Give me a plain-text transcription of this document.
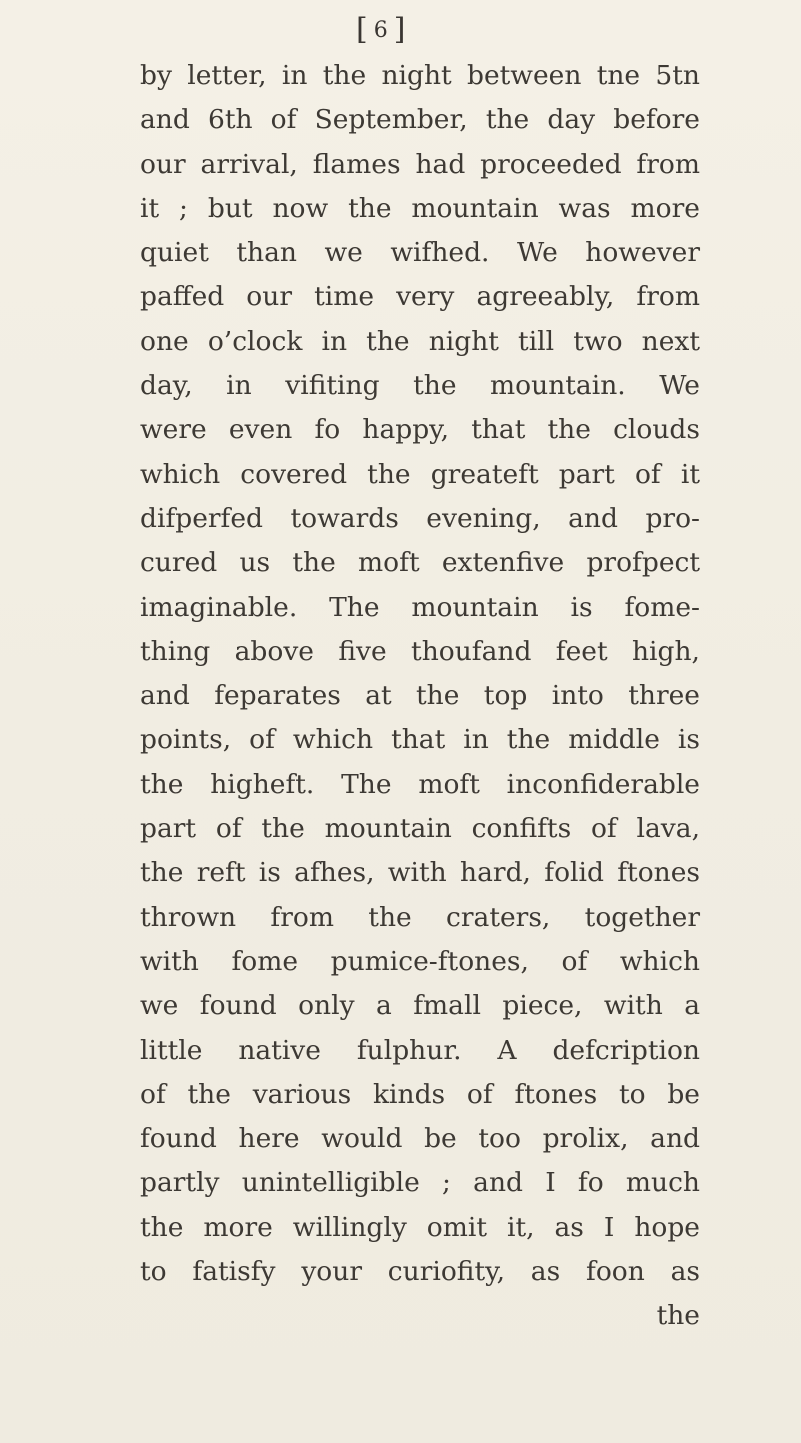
[6]
by letter, in the night between tne 5tn
and 6th of September, the day before
our arrival, flames had proceeded from
it ; but now the mountain was more
quiet than we wifhed. We however
paffed our time very agreeably, from
one o’clock in the night till two next
day, in vifiting the mountain. We
were even fo happy, that the clouds
which covered the greateft part of it
difperfed towards evening, and pro-
cured us the moft extenfive profpect
imaginable. The mountain is fome-
thing above five thoufand feet high,
and feparates at the top into three
points, of which that in the middle is
the higheft. The moft inconfiderable
part of the mountain confifts of lava,
the reft is afhes, with hard, folid ftones
thrown from the craters, together
with fome pumice-ftones, of which
we found only a fmall piece, with a
little native fulphur. A defcription
of the various kinds of ftones to be
found here would be too prolix, and
partly unintelligible ; and I fo much
the more willingly omit it, as I hope
to fatisfy your curiofity, as foon as
the
